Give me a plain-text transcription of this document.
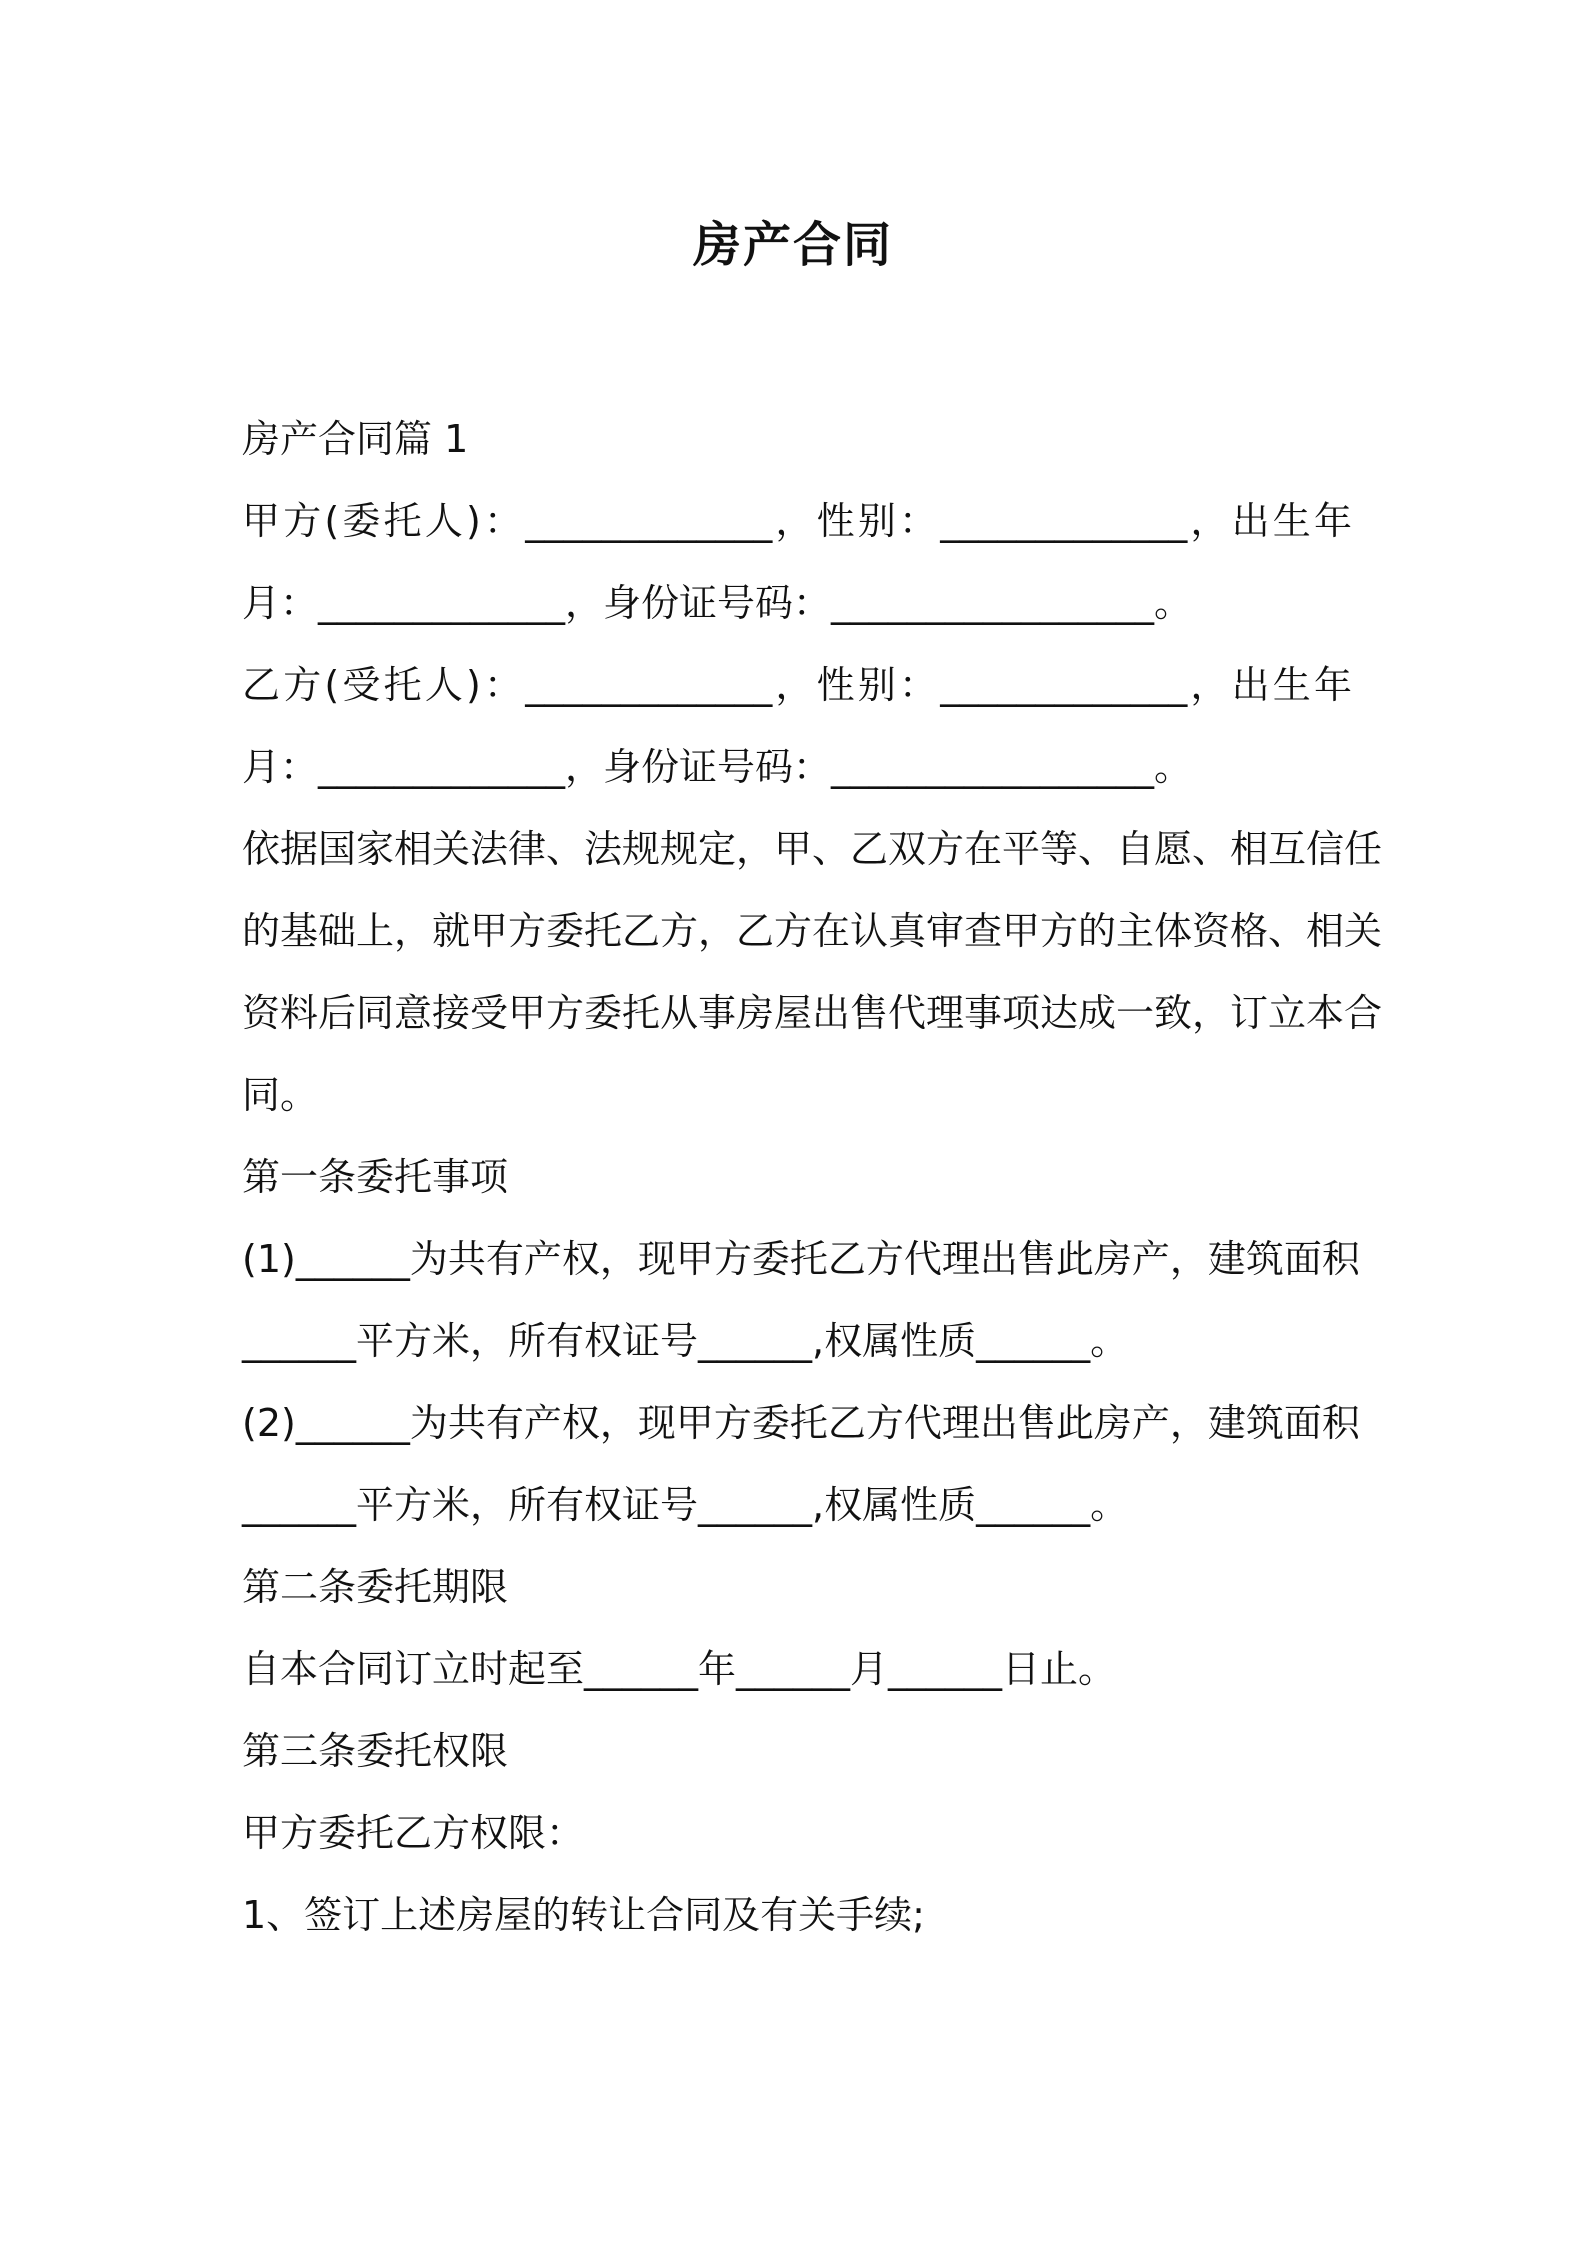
房产合同

房产合同篇 1

甲方(委托人)：_____________，性别：_____________，出生年

月：_____________，身份证号码：_________________。

乙方(受托人)：_____________，性别：_____________，出生年

月：_____________，身份证号码：_________________。

依据国家相关法律、法规规定，甲、乙双方在平等、自愿、相互信任

的基础上，就甲方委托乙方，乙方在认真审查甲方的主体资格、相关

资料后同意接受甲方委托从事房屋出售代理事项达成一致，订立本合

同。

第一条委托事项

(1)______为共有产权，现甲方委托乙方代理出售此房产，建筑面积

______平方米，所有权证号______,权属性质______。

(2)______为共有产权，现甲方委托乙方代理出售此房产，建筑面积

______平方米，所有权证号______,权属性质______。

第二条委托期限

自本合同订立时起至______年______月______日止。

第三条委托权限

甲方委托乙方权限：

1、签订上述房屋的转让合同及有关手续;
